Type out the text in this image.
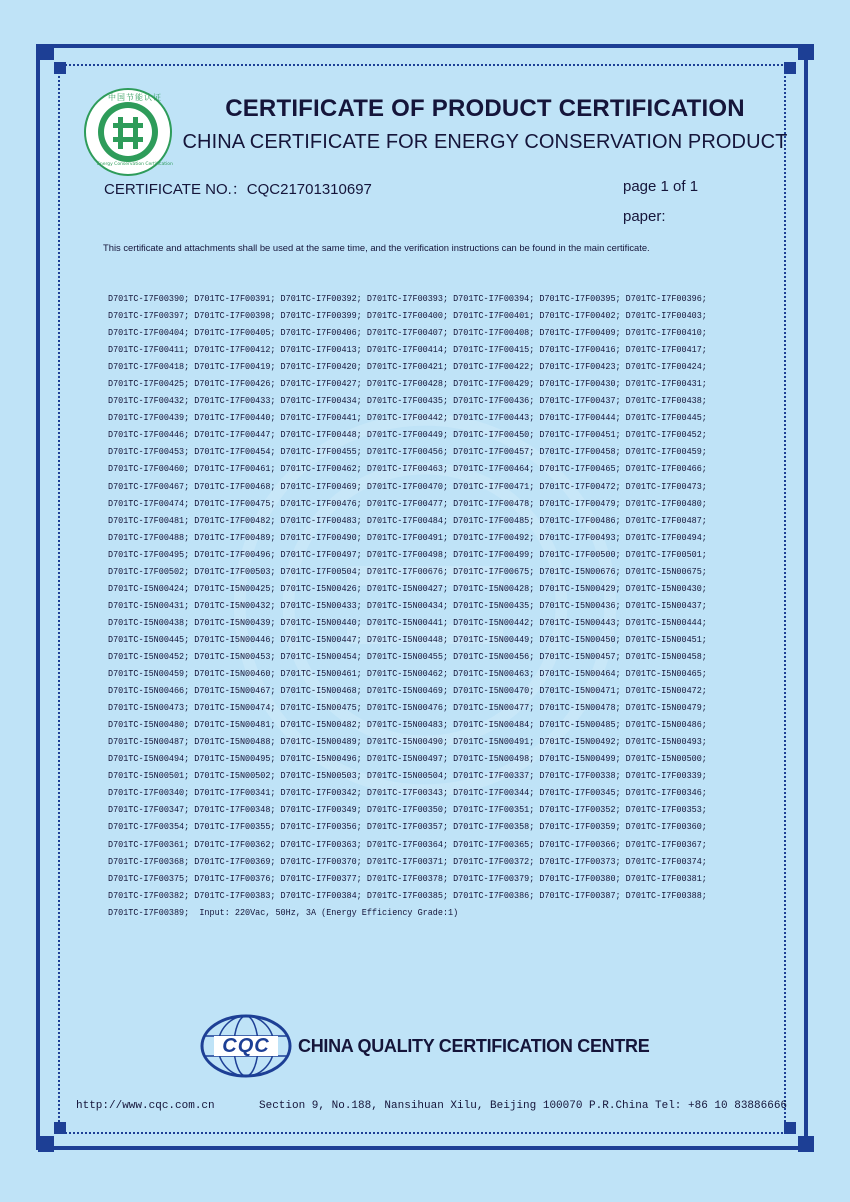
中国节能认证
Energy Conservation Certification
CERTIFICATE OF PRODUCT CERTIFICATION
CHINA CERTIFICATE FOR ENERGY CONSERVATION PRODUCT
CERTIFICATE NO.：CQC21701310697	page 1 of 1
paper:
This certificate and attachments shall be used at the same time, and the verification instructions can be found in the main certificate.
D701TC-I7F00390; D701TC-I7F00391; D701TC-I7F00392; D701TC-I7F00393; D701TC-I7F00394; D701TC-I7F00395; D701TC-I7F00396;
D701TC-I7F00397; D701TC-I7F00398; D701TC-I7F00399; D701TC-I7F00400; D701TC-I7F00401; D701TC-I7F00402; D701TC-I7F00403;
D701TC-I7F00404; D701TC-I7F00405; D701TC-I7F00406; D701TC-I7F00407; D701TC-I7F00408; D701TC-I7F00409; D701TC-I7F00410;
D701TC-I7F00411; D701TC-I7F00412; D701TC-I7F00413; D701TC-I7F00414; D701TC-I7F00415; D701TC-I7F00416; D701TC-I7F00417;
D701TC-I7F00418; D701TC-I7F00419; D701TC-I7F00420; D701TC-I7F00421; D701TC-I7F00422; D701TC-I7F00423; D701TC-I7F00424;
D701TC-I7F00425; D701TC-I7F00426; D701TC-I7F00427; D701TC-I7F00428; D701TC-I7F00429; D701TC-I7F00430; D701TC-I7F00431;
D701TC-I7F00432; D701TC-I7F00433; D701TC-I7F00434; D701TC-I7F00435; D701TC-I7F00436; D701TC-I7F00437; D701TC-I7F00438;
D701TC-I7F00439; D701TC-I7F00440; D701TC-I7F00441; D701TC-I7F00442; D701TC-I7F00443; D701TC-I7F00444; D701TC-I7F00445;
D701TC-I7F00446; D701TC-I7F00447; D701TC-I7F00448; D701TC-I7F00449; D701TC-I7F00450; D701TC-I7F00451; D701TC-I7F00452;
D701TC-I7F00453; D701TC-I7F00454; D701TC-I7F00455; D701TC-I7F00456; D701TC-I7F00457; D701TC-I7F00458; D701TC-I7F00459;
D701TC-I7F00460; D701TC-I7F00461; D701TC-I7F00462; D701TC-I7F00463; D701TC-I7F00464; D701TC-I7F00465; D701TC-I7F00466;
D701TC-I7F00467; D701TC-I7F00468; D701TC-I7F00469; D701TC-I7F00470; D701TC-I7F00471; D701TC-I7F00472; D701TC-I7F00473;
D701TC-I7F00474; D701TC-I7F00475; D701TC-I7F00476; D701TC-I7F00477; D701TC-I7F00478; D701TC-I7F00479; D701TC-I7F00480;
D701TC-I7F00481; D701TC-I7F00482; D701TC-I7F00483; D701TC-I7F00484; D701TC-I7F00485; D701TC-I7F00486; D701TC-I7F00487;
D701TC-I7F00488; D701TC-I7F00489; D701TC-I7F00490; D701TC-I7F00491; D701TC-I7F00492; D701TC-I7F00493; D701TC-I7F00494;
D701TC-I7F00495; D701TC-I7F00496; D701TC-I7F00497; D701TC-I7F00498; D701TC-I7F00499; D701TC-I7F00500; D701TC-I7F00501;
D701TC-I7F00502; D701TC-I7F00503; D701TC-I7F00504; D701TC-I7F00676; D701TC-I7F00675; D701TC-I5N00676; D701TC-I5N00675;
D701TC-I5N00424; D701TC-I5N00425; D701TC-I5N00426; D701TC-I5N00427; D701TC-I5N00428; D701TC-I5N00429; D701TC-I5N00430;
D701TC-I5N00431; D701TC-I5N00432; D701TC-I5N00433; D701TC-I5N00434; D701TC-I5N00435; D701TC-I5N00436; D701TC-I5N00437;
D701TC-I5N00438; D701TC-I5N00439; D701TC-I5N00440; D701TC-I5N00441; D701TC-I5N00442; D701TC-I5N00443; D701TC-I5N00444;
D701TC-I5N00445; D701TC-I5N00446; D701TC-I5N00447; D701TC-I5N00448; D701TC-I5N00449; D701TC-I5N00450; D701TC-I5N00451;
D701TC-I5N00452; D701TC-I5N00453; D701TC-I5N00454; D701TC-I5N00455; D701TC-I5N00456; D701TC-I5N00457; D701TC-I5N00458;
D701TC-I5N00459; D701TC-I5N00460; D701TC-I5N00461; D701TC-I5N00462; D701TC-I5N00463; D701TC-I5N00464; D701TC-I5N00465;
D701TC-I5N00466; D701TC-I5N00467; D701TC-I5N00468; D701TC-I5N00469; D701TC-I5N00470; D701TC-I5N00471; D701TC-I5N00472;
D701TC-I5N00473; D701TC-I5N00474; D701TC-I5N00475; D701TC-I5N00476; D701TC-I5N00477; D701TC-I5N00478; D701TC-I5N00479;
D701TC-I5N00480; D701TC-I5N00481; D701TC-I5N00482; D701TC-I5N00483; D701TC-I5N00484; D701TC-I5N00485; D701TC-I5N00486;
D701TC-I5N00487; D701TC-I5N00488; D701TC-I5N00489; D701TC-I5N00490; D701TC-I5N00491; D701TC-I5N00492; D701TC-I5N00493;
D701TC-I5N00494; D701TC-I5N00495; D701TC-I5N00496; D701TC-I5N00497; D701TC-I5N00498; D701TC-I5N00499; D701TC-I5N00500;
D701TC-I5N00501; D701TC-I5N00502; D701TC-I5N00503; D701TC-I5N00504; D701TC-I7F00337; D701TC-I7F00338; D701TC-I7F00339;
D701TC-I7F00340; D701TC-I7F00341; D701TC-I7F00342; D701TC-I7F00343; D701TC-I7F00344; D701TC-I7F00345; D701TC-I7F00346;
D701TC-I7F00347; D701TC-I7F00348; D701TC-I7F00349; D701TC-I7F00350; D701TC-I7F00351; D701TC-I7F00352; D701TC-I7F00353;
D701TC-I7F00354; D701TC-I7F00355; D701TC-I7F00356; D701TC-I7F00357; D701TC-I7F00358; D701TC-I7F00359; D701TC-I7F00360;
D701TC-I7F00361; D701TC-I7F00362; D701TC-I7F00363; D701TC-I7F00364; D701TC-I7F00365; D701TC-I7F00366; D701TC-I7F00367;
D701TC-I7F00368; D701TC-I7F00369; D701TC-I7F00370; D701TC-I7F00371; D701TC-I7F00372; D701TC-I7F00373; D701TC-I7F00374;
D701TC-I7F00375; D701TC-I7F00376; D701TC-I7F00377; D701TC-I7F00378; D701TC-I7F00379; D701TC-I7F00380; D701TC-I7F00381;
D701TC-I7F00382; D701TC-I7F00383; D701TC-I7F00384; D701TC-I7F00385; D701TC-I7F00386; D701TC-I7F00387; D701TC-I7F00388;
D701TC-I7F00389;  Input: 220Vac, 50Hz, 3A (Energy Efficiency Grade:1)
CQC	CHINA QUALITY CERTIFICATION CENTRE
http://www.cqc.com.cn	Section 9, No.188, Nansihuan Xilu, Beijing 100070 P.R.China Tel: +86 10 83886666
